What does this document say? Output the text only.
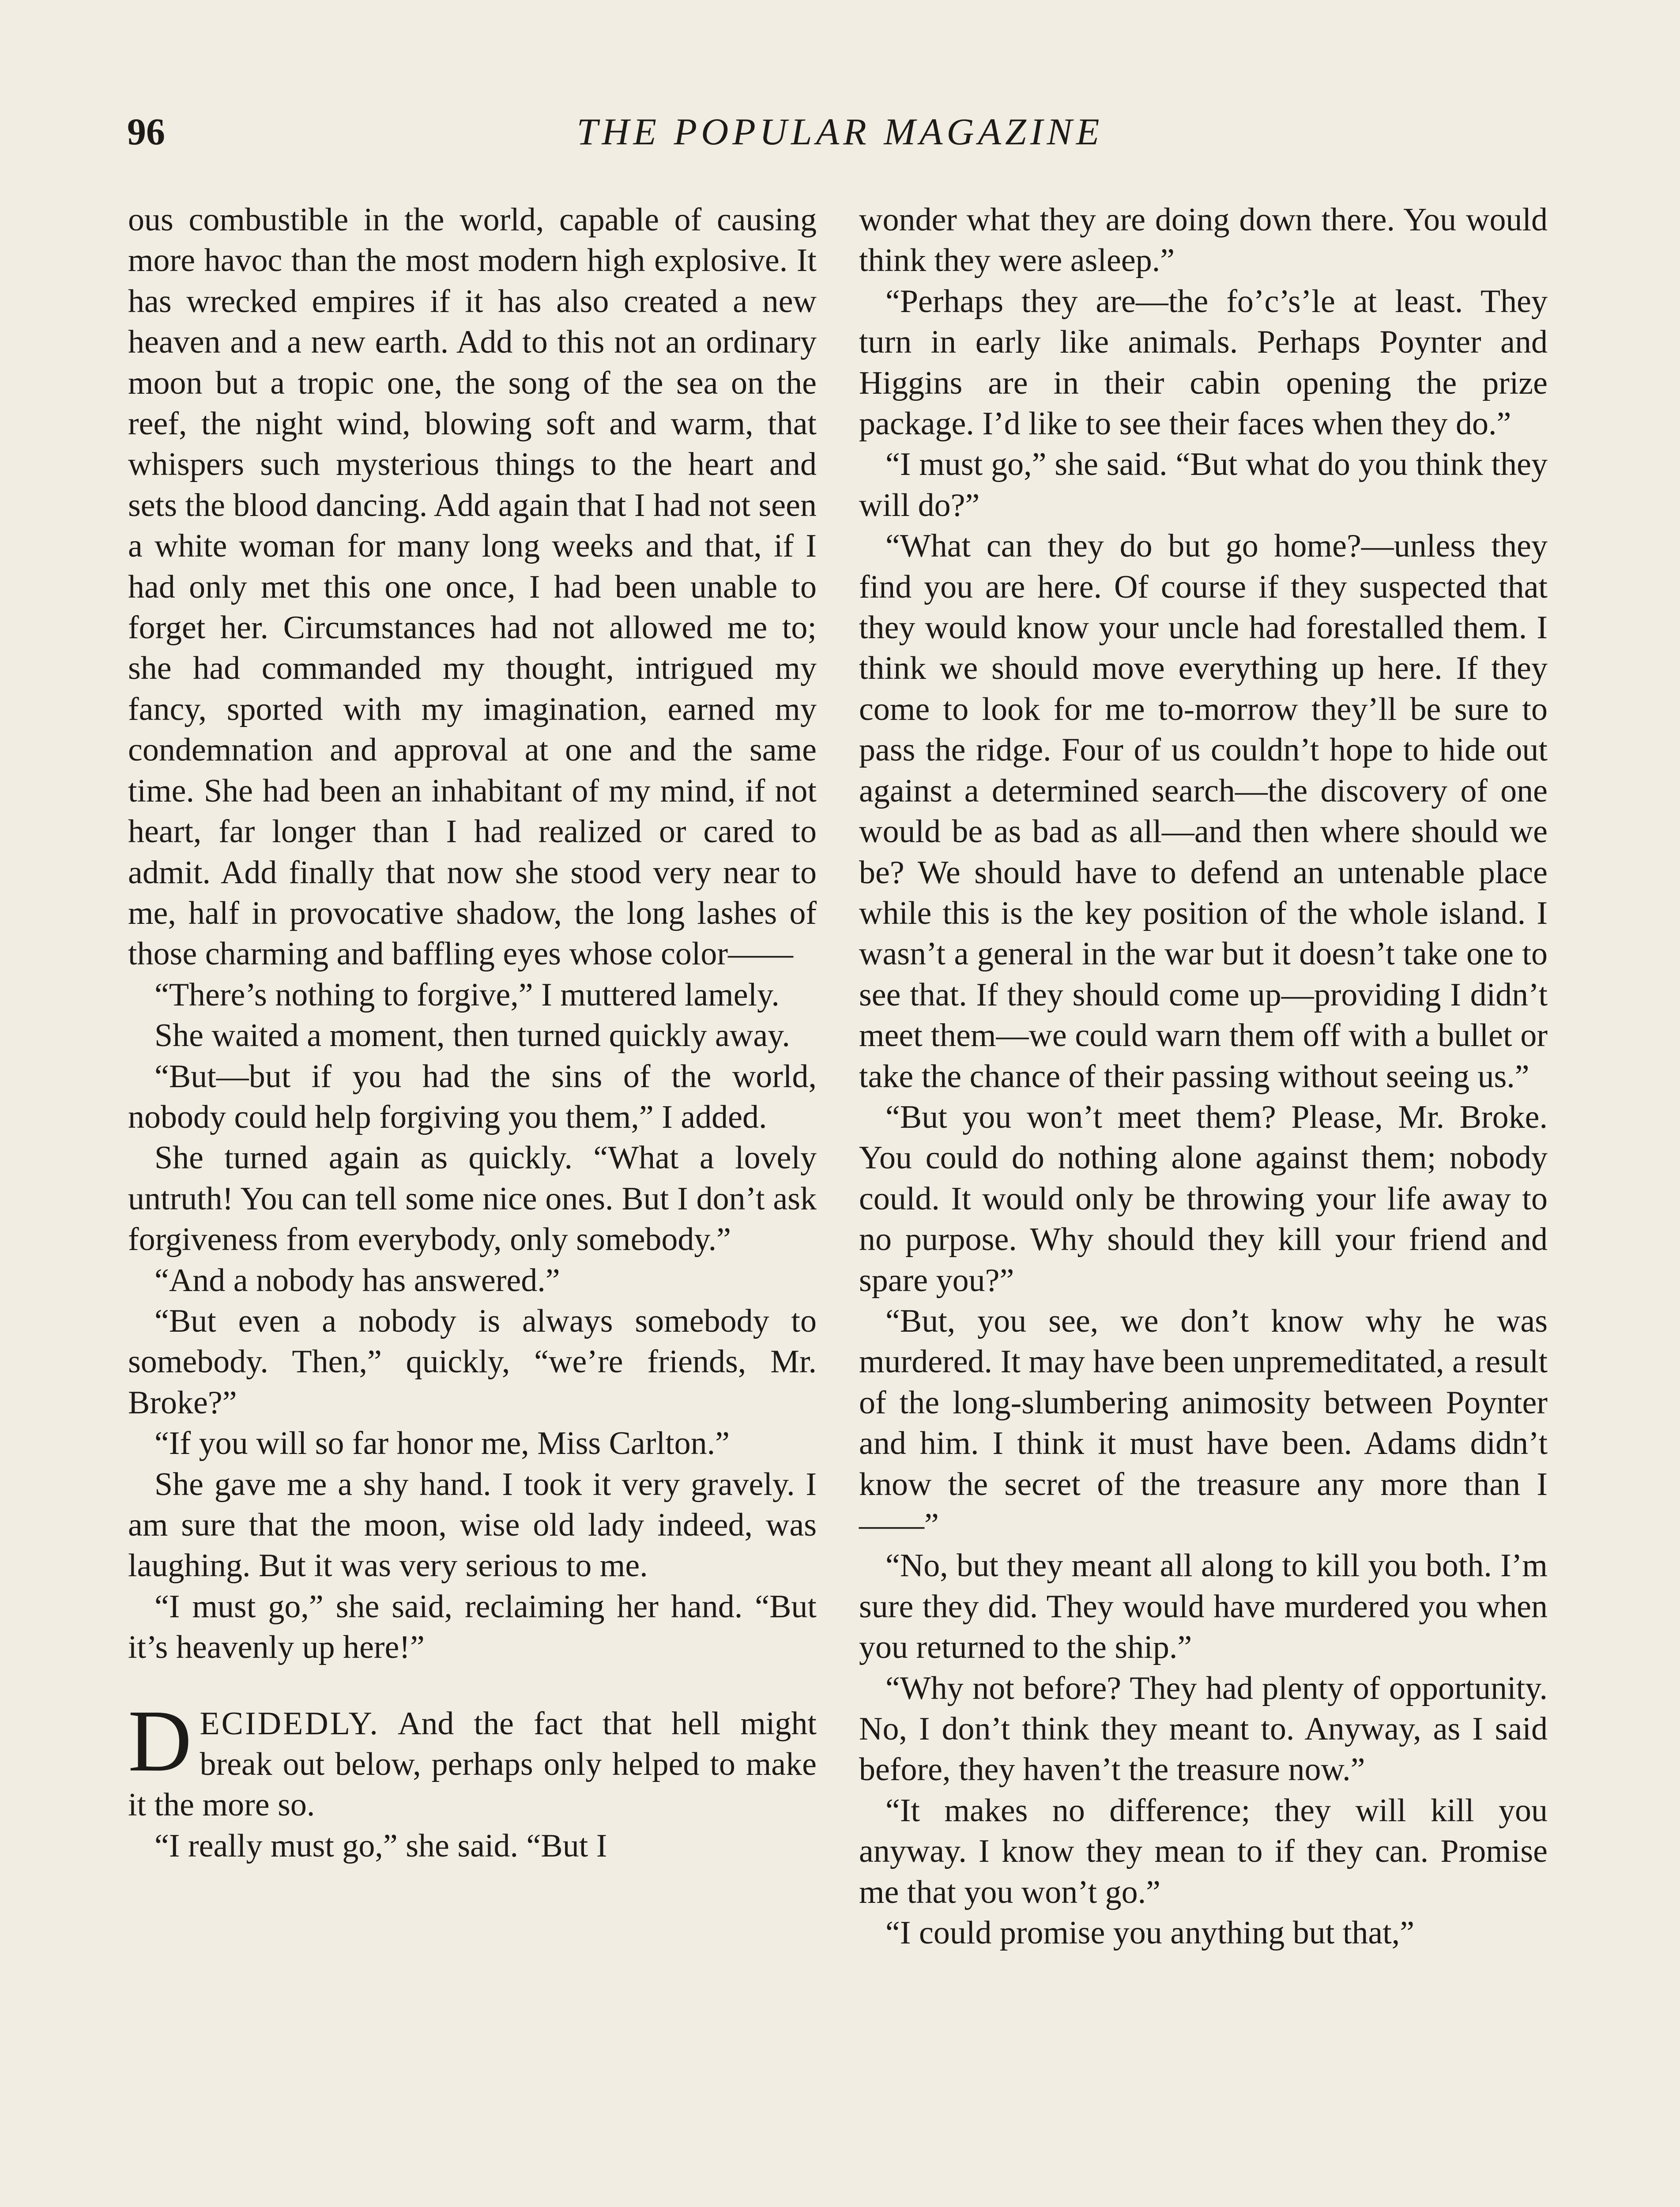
96	THE POPULAR MAGAZINE

ous combustible in the world, capable of causing more havoc than the most modern high explosive. It has wrecked empires if it has also created a new heaven and a new earth. Add to this not an ordinary moon but a tropic one, the song of the sea on the reef, the night wind, blowing soft and warm, that whispers such mysterious things to the heart and sets the blood dancing. Add again that I had not seen a white woman for many long weeks and that, if I had only met this one once, I had been unable to forget her. Circumstances had not allowed me to; she had commanded my thought, intrigued my fancy, sported with my imagination, earned my condemnation and approval at one and the same time. She had been an inhabitant of my mind, if not heart, far longer than I had realized or cared to admit. Add finally that now she stood very near to me, half in provocative shadow, the long lashes of those charming and baffling eyes whose color——

“There’s nothing to forgive,” I muttered lamely.

She waited a moment, then turned quickly away.

“But—but if you had the sins of the world, nobody could help forgiving you them,” I added.

She turned again as quickly. “What a lovely untruth! You can tell some nice ones. But I don’t ask forgiveness from everybody, only somebody.”

“And a nobody has answered.”

“But even a nobody is always somebody to somebody. Then,” quickly, “we’re friends, Mr. Broke?”

“If you will so far honor me, Miss Carlton.”

She gave me a shy hand. I took it very gravely. I am sure that the moon, wise old lady indeed, was laughing. But it was very serious to me.

“I must go,” she said, reclaiming her hand. “But it’s heavenly up here!”

DECIDEDLY. And the fact that hell might break out below, perhaps only helped to make it the more so.

“I really must go,” she said. “But I

wonder what they are doing down there. You would think they were asleep.”

“Perhaps they are—the fo’c’s’le at least. They turn in early like animals. Perhaps Poynter and Higgins are in their cabin opening the prize package. I’d like to see their faces when they do.”

“I must go,” she said. “But what do you think they will do?”

“What can they do but go home?—unless they find you are here. Of course if they suspected that they would know your uncle had forestalled them. I think we should move everything up here. If they come to look for me to-morrow they’ll be sure to pass the ridge. Four of us couldn’t hope to hide out against a determined search—the discovery of one would be as bad as all—and then where should we be? We should have to defend an untenable place while this is the key position of the whole island. I wasn’t a general in the war but it doesn’t take one to see that. If they should come up—providing I didn’t meet them—we could warn them off with a bullet or take the chance of their passing without seeing us.”

“But you won’t meet them? Please, Mr. Broke. You could do nothing alone against them; nobody could. It would only be throwing your life away to no purpose. Why should they kill your friend and spare you?”

“But, you see, we don’t know why he was murdered. It may have been unpremeditated, a result of the long-slumbering animosity between Poynter and him. I think it must have been. Adams didn’t know the secret of the treasure any more than I——”

“No, but they meant all along to kill you both. I’m sure they did. They would have murdered you when you returned to the ship.”

“Why not before? They had plenty of opportunity. No, I don’t think they meant to. Anyway, as I said before, they haven’t the treasure now.”

“It makes no difference; they will kill you anyway. I know they mean to if they can. Promise me that you won’t go.”

“I could promise you anything but that,”
